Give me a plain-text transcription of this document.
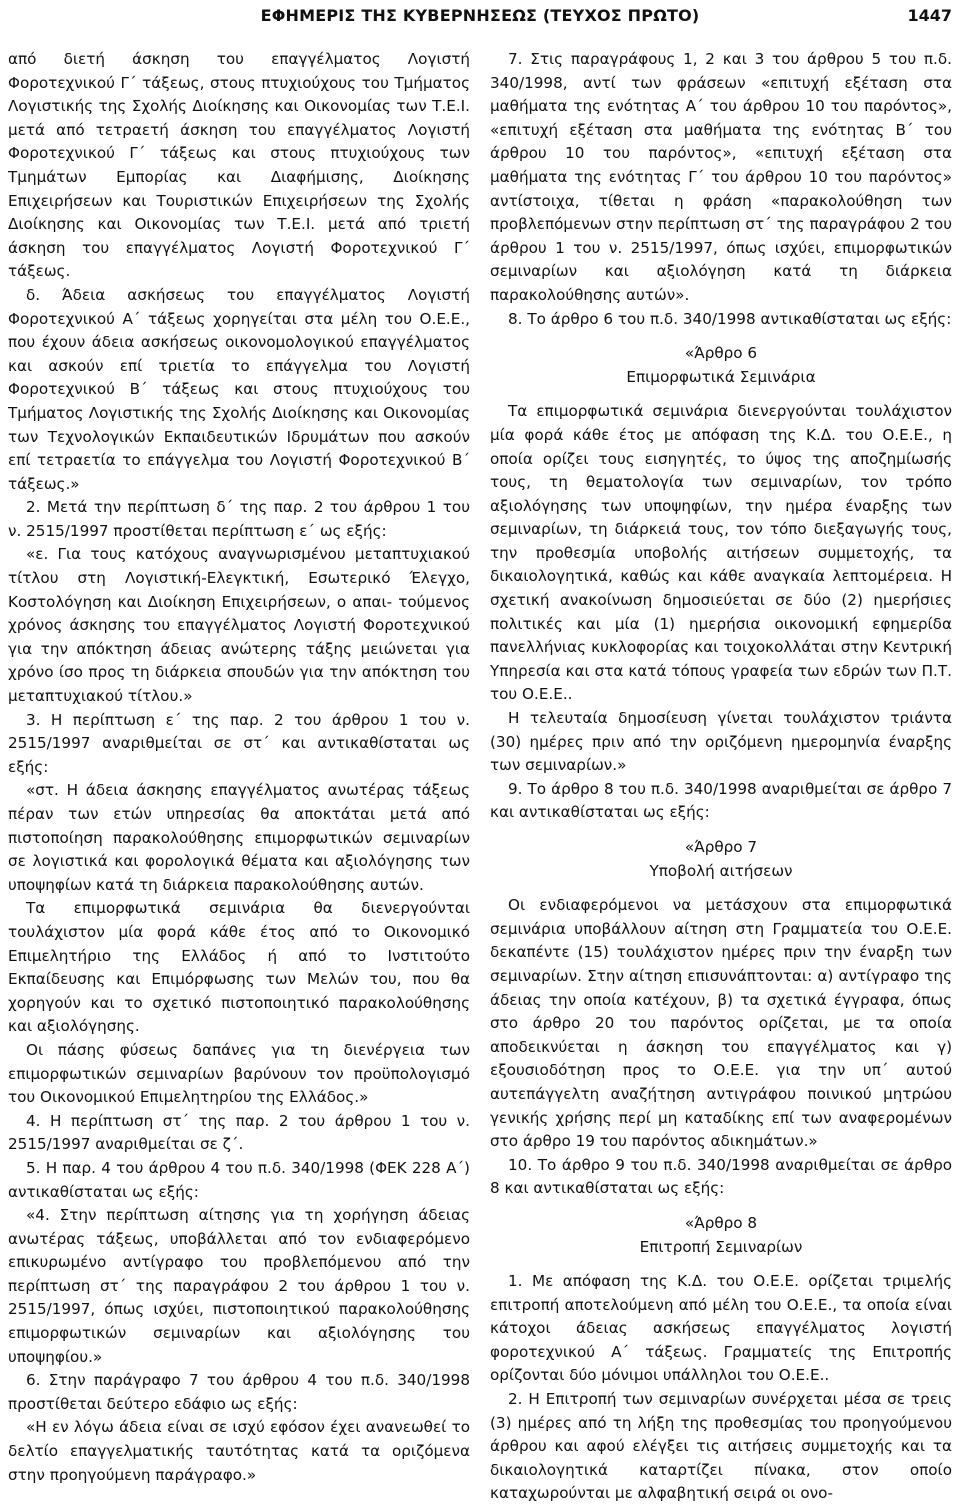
ΕΦΗΜΕΡΙΣ ΤΗΣ ΚΥΒΕΡΝΗΣΕΩΣ (ΤΕΥΧΟΣ ΠΡΩΤΟ)	1447

από διετή άσκηση του επαγγέλματος Λογιστή Φοροτεχνικού Γ΄ τάξεως, στους πτυχιούχους του Τμήματος Λογιστικής της Σχολής Διοίκησης και Οικονομίας των Τ.Ε.Ι. μετά από τετραετή άσκηση του επαγγέλματος Λογιστή Φοροτεχνικού Γ΄ τάξεως και στους πτυχιούχους των Τμημάτων Εμπορίας και Διαφήμισης, Διοίκησης Επιχειρήσεων και Τουριστικών Επιχειρήσεων της Σχολής Διοίκησης και Οικονομίας των Τ.Ε.Ι. μετά από τριετή άσκηση του επαγγέλματος Λογιστή Φοροτεχνικού Γ΄ τάξεως.

δ. Άδεια ασκήσεως του επαγγέλματος Λογιστή Φοροτεχνικού Α΄ τάξεως χορηγείται στα μέλη του Ο.Ε.Ε., που έχουν άδεια ασκήσεως οικονομολογικού επαγγέλματος και ασκούν επί τριετία το επάγγελμα του Λογιστή Φοροτεχνικού Β΄ τάξεως και στους πτυχιούχους του Τμήματος Λογιστικής της Σχολής Διοίκησης και Οικονομίας των Τεχνολογικών Εκπαιδευτικών Ιδρυμάτων που ασκούν επί τετραετία το επάγγελμα του Λογιστή Φοροτεχνικού Β΄ τάξεως.»

2. Μετά την περίπτωση δ΄ της παρ. 2 του άρθρου 1 του ν. 2515/1997 προστίθεται περίπτωση ε΄ ως εξής:

«ε. Για τους κατόχους αναγνωρισμένου μεταπτυχιακού τίτλου στη Λογιστική-Ελεγκτική, Εσωτερικό Έλεγχο, Κοστολόγηση και Διοίκηση Επιχειρήσεων, ο απαι- τούμενος χρόνος άσκησης του επαγγέλματος Λογιστή Φοροτεχνικού για την απόκτηση άδειας ανώτερης τάξης μειώνεται για χρόνο ίσο προς τη διάρκεια σπουδών για την απόκτηση του μεταπτυχιακού τίτλου.»

3. Η περίπτωση ε΄ της παρ. 2 του άρθρου 1 του ν. 2515/1997 αναριθμείται σε στ΄ και αντικαθίσταται ως εξής:

«στ. Η άδεια άσκησης επαγγέλματος ανωτέρας τάξεως πέραν των ετών υπηρεσίας θα αποκτάται μετά από πιστοποίηση παρακολούθησης επιμορφωτικών σεμιναρίων σε λογιστικά και φορολογικά θέματα και αξιολόγησης των υποψηφίων κατά τη διάρκεια παρακολούθησης αυτών.

Τα επιμορφωτικά σεμινάρια θα διενεργούνται τουλάχιστον μία φορά κάθε έτος από το Οικονομικό Επιμελητήριο της Ελλάδος ή από το Ινστιτούτο Εκπαίδευσης και Επιμόρφωσης των Μελών του, που θα χορηγούν και το σχετικό πιστοποιητικό παρακολούθησης και αξιολόγησης.

Οι πάσης φύσεως δαπάνες για τη διενέργεια των επιμορφωτικών σεμιναρίων βαρύνουν τον προϋπολογισμό του Οικονομικού Επιμελητηρίου της Ελλάδος.»

4. Η περίπτωση στ΄ της παρ. 2 του άρθρου 1 του ν. 2515/1997 αναριθμείται σε ζ΄.

5. Η παρ. 4 του άρθρου 4 του π.δ. 340/1998 (ΦΕΚ 228 Α΄) αντικαθίσταται ως εξής:

«4. Στην περίπτωση αίτησης για τη χορήγηση άδειας ανωτέρας τάξεως, υποβάλλεται από τον ενδιαφερόμενο επικυρωμένο αντίγραφο του προβλεπόμενου από την περίπτωση στ΄ της παραγράφου 2 του άρθρου 1 του ν. 2515/1997, όπως ισχύει, πιστοποιητικού παρακολούθησης επιμορφωτικών σεμιναρίων και αξιολόγησης του υποψηφίου.»

6. Στην παράγραφο 7 του άρθρου 4 του π.δ. 340/1998 προστίθεται δεύτερο εδάφιο ως εξής:

«Η εν λόγω άδεια είναι σε ισχύ εφόσον έχει ανανεωθεί το δελτίο επαγγελματικής ταυτότητας κατά τα οριζόμενα στην προηγούμενη παράγραφο.»

7. Στις παραγράφους 1, 2 και 3 του άρθρου 5 του π.δ. 340/1998, αντί των φράσεων «επιτυχή εξέταση στα μαθήματα της ενότητας Α΄ του άρθρου 10 του παρόντος», «επιτυχή εξέταση στα μαθήματα της ενότητας Β΄ του άρθρου 10 του παρόντος», «επιτυχή εξέταση στα μαθήματα της ενότητας Γ΄ του άρθρου 10 του παρόντος» αντίστοιχα, τίθεται η φράση «παρακολούθηση των προβλεπόμενων στην περίπτωση στ΄ της παραγράφου 2 του άρθρου 1 του ν. 2515/1997, όπως ισχύει, επιμορφωτικών σεμιναρίων και αξιολόγηση κατά τη διάρκεια παρακολούθησης αυτών».

8. Το άρθρο 6 του π.δ. 340/1998 αντικαθίσταται ως εξής:

«Άρθρο 6

Επιμορφωτικά Σεμινάρια

Τα επιμορφωτικά σεμινάρια διενεργούνται τουλάχιστον μία φορά κάθε έτος με απόφαση της Κ.Δ. του Ο.Ε.Ε., η οποία ορίζει τους εισηγητές, το ύψος της αποζημίωσής τους, τη θεματολογία των σεμιναρίων, τον τρόπο αξιολόγησης των υποψηφίων, την ημέρα έναρξης των σεμιναρίων, τη διάρκειά τους, τον τόπο διεξαγωγής τους, την προθεσμία υποβολής αιτήσεων συμμετοχής, τα δικαιολογητικά, καθώς και κάθε αναγκαία λεπτομέρεια. Η σχετική ανακοίνωση δημοσιεύεται σε δύο (2) ημερήσιες πολιτικές και μία (1) ημερήσια οικονομική εφημερίδα πανελλήνιας κυκλοφορίας και τοιχοκολλάται στην Κεντρική Υπηρεσία και στα κατά τόπους γραφεία των εδρών των Π.Τ. του Ο.Ε.Ε..

Η τελευταία δημοσίευση γίνεται τουλάχιστον τριάντα (30) ημέρες πριν από την οριζόμενη ημερομηνία έναρξης των σεμιναρίων.»

9. Το άρθρο 8 του π.δ. 340/1998 αναριθμείται σε άρθρο 7 και αντικαθίσταται ως εξής:

«Άρθρο 7

Υποβολή αιτήσεων

Οι ενδιαφερόμενοι να μετάσχουν στα επιμορφωτικά σεμινάρια υποβάλλουν αίτηση στη Γραμματεία του Ο.Ε.Ε. δεκαπέντε (15) τουλάχιστον ημέρες πριν την έναρξη των σεμιναρίων. Στην αίτηση επισυνάπτονται: α) αντίγραφο της άδειας την οποία κατέχουν, β) τα σχετικά έγγραφα, όπως στο άρθρο 20 του παρόντος ορίζεται, με τα οποία αποδεικνύεται η άσκηση του επαγγέλματος και γ) εξουσιοδότηση προς το Ο.Ε.Ε. για την υπ΄ αυτού αυτεπάγγελτη αναζήτηση αντιγράφου ποινικού μητρώου γενικής χρήσης περί μη καταδίκης επί των αναφερομένων στο άρθρο 19 του παρόντος αδικημάτων.»

10. Το άρθρο 9 του π.δ. 340/1998 αναριθμείται σε άρθρο 8 και αντικαθίσταται ως εξής:

«Άρθρο 8

Επιτροπή Σεμιναρίων

1. Με απόφαση της Κ.Δ. του Ο.Ε.Ε. ορίζεται τριμελής επιτροπή αποτελούμενη από μέλη του Ο.Ε.Ε., τα οποία είναι κάτοχοι άδειας ασκήσεως επαγγέλματος λογιστή φοροτεχνικού Α΄ τάξεως. Γραμματείς της Επιτροπής ορίζονται δύο μόνιμοι υπάλληλοι του Ο.Ε.Ε..

2. Η Επιτροπή των σεμιναρίων συνέρχεται μέσα σε τρεις (3) ημέρες από τη λήξη της προθεσμίας του προηγούμενου άρθρου και αφού ελέγξει τις αιτήσεις συμμετοχής και τα δικαιολογητικά καταρτίζει πίνακα, στον οποίο καταχωρούνται με αλφαβητική σειρά οι ονο-
